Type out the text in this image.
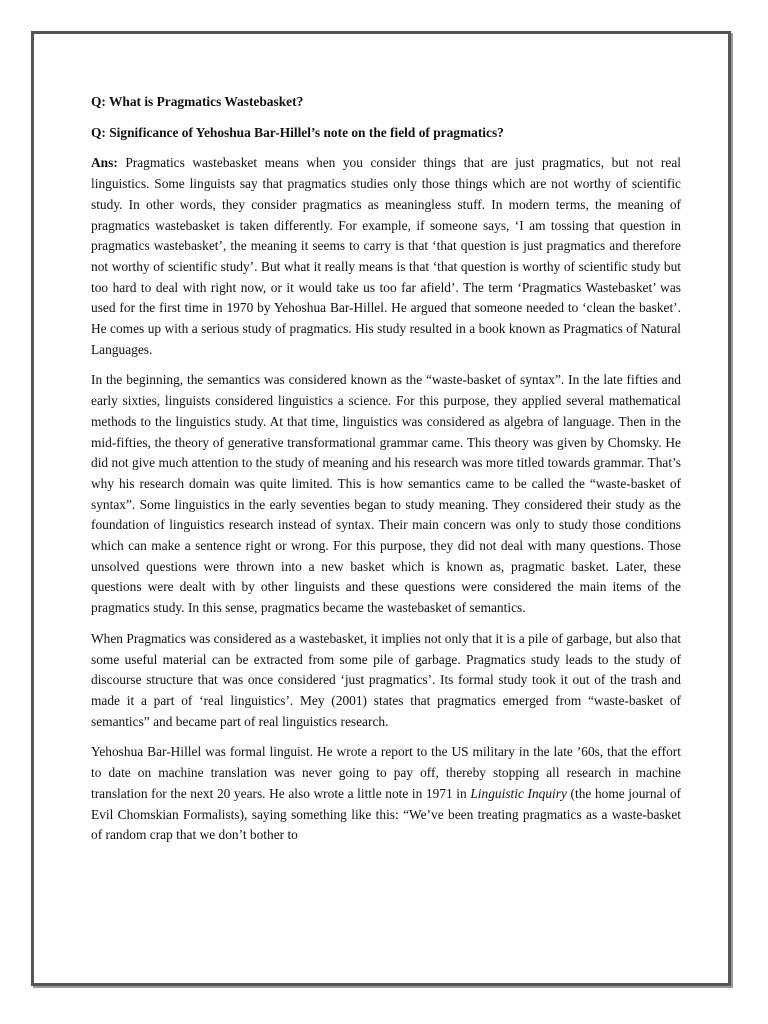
Q: What is Pragmatics Wastebasket?

Q: Significance of Yehoshua Bar-Hillel’s note on the field of pragmatics?

Ans: Pragmatics wastebasket means when you consider things that are just pragmatics, but not real linguistics. Some linguists say that pragmatics studies only those things which are not worthy of scientific study. In other words, they consider pragmatics as meaningless stuff. In modern terms, the meaning of pragmatics wastebasket is taken differently. For example, if someone says, ‘I am tossing that question in pragmatics wastebasket’, the meaning it seems to carry is that ‘that question is just pragmatics and therefore not worthy of scientific study’. But what it really means is that ‘that question is worthy of scientific study but too hard to deal with right now, or it would take us too far afield’. The term ‘Pragmatics Wastebasket’ was used for the first time in 1970 by Yehoshua Bar-Hillel. He argued that someone needed to ‘clean the basket’. He comes up with a serious study of pragmatics. His study resulted in a book known as Pragmatics of Natural Languages.

In the beginning, the semantics was considered known as the “waste-basket of syntax”. In the late fifties and early sixties, linguists considered linguistics a science. For this purpose, they applied several mathematical methods to the linguistics study. At that time, linguistics was considered as algebra of language. Then in the mid-fifties, the theory of generative transformational grammar came. This theory was given by Chomsky. He did not give much attention to the study of meaning and his research was more titled towards grammar. That’s why his research domain was quite limited. This is how semantics came to be called the “waste-basket of syntax”. Some linguistics in the early seventies began to study meaning. They considered their study as the foundation of linguistics research instead of syntax. Their main concern was only to study those conditions which can make a sentence right or wrong. For this purpose, they did not deal with many questions. Those unsolved questions were thrown into a new basket which is known as, pragmatic basket. Later, these questions were dealt with by other linguists and these questions were considered the main items of the pragmatics study. In this sense, pragmatics became the wastebasket of semantics.

When Pragmatics was considered as a wastebasket, it implies not only that it is a pile of garbage, but also that some useful material can be extracted from some pile of garbage. Pragmatics study leads to the study of discourse structure that was once considered ‘just pragmatics’. Its formal study took it out of the trash and made it a part of ‘real linguistics’. Mey (2001) states that pragmatics emerged from “waste-basket of semantics” and became part of real linguistics research.

Yehoshua Bar-Hillel was formal linguist. He wrote a report to the US military in the late ’60s, that the effort to date on machine translation was never going to pay off, thereby stopping all research in machine translation for the next 20 years. He also wrote a little note in 1971 in Linguistic Inquiry (the home journal of Evil Chomskian Formalists), saying something like this: “We’ve been treating pragmatics as a waste-basket of random crap that we don’t bother to
